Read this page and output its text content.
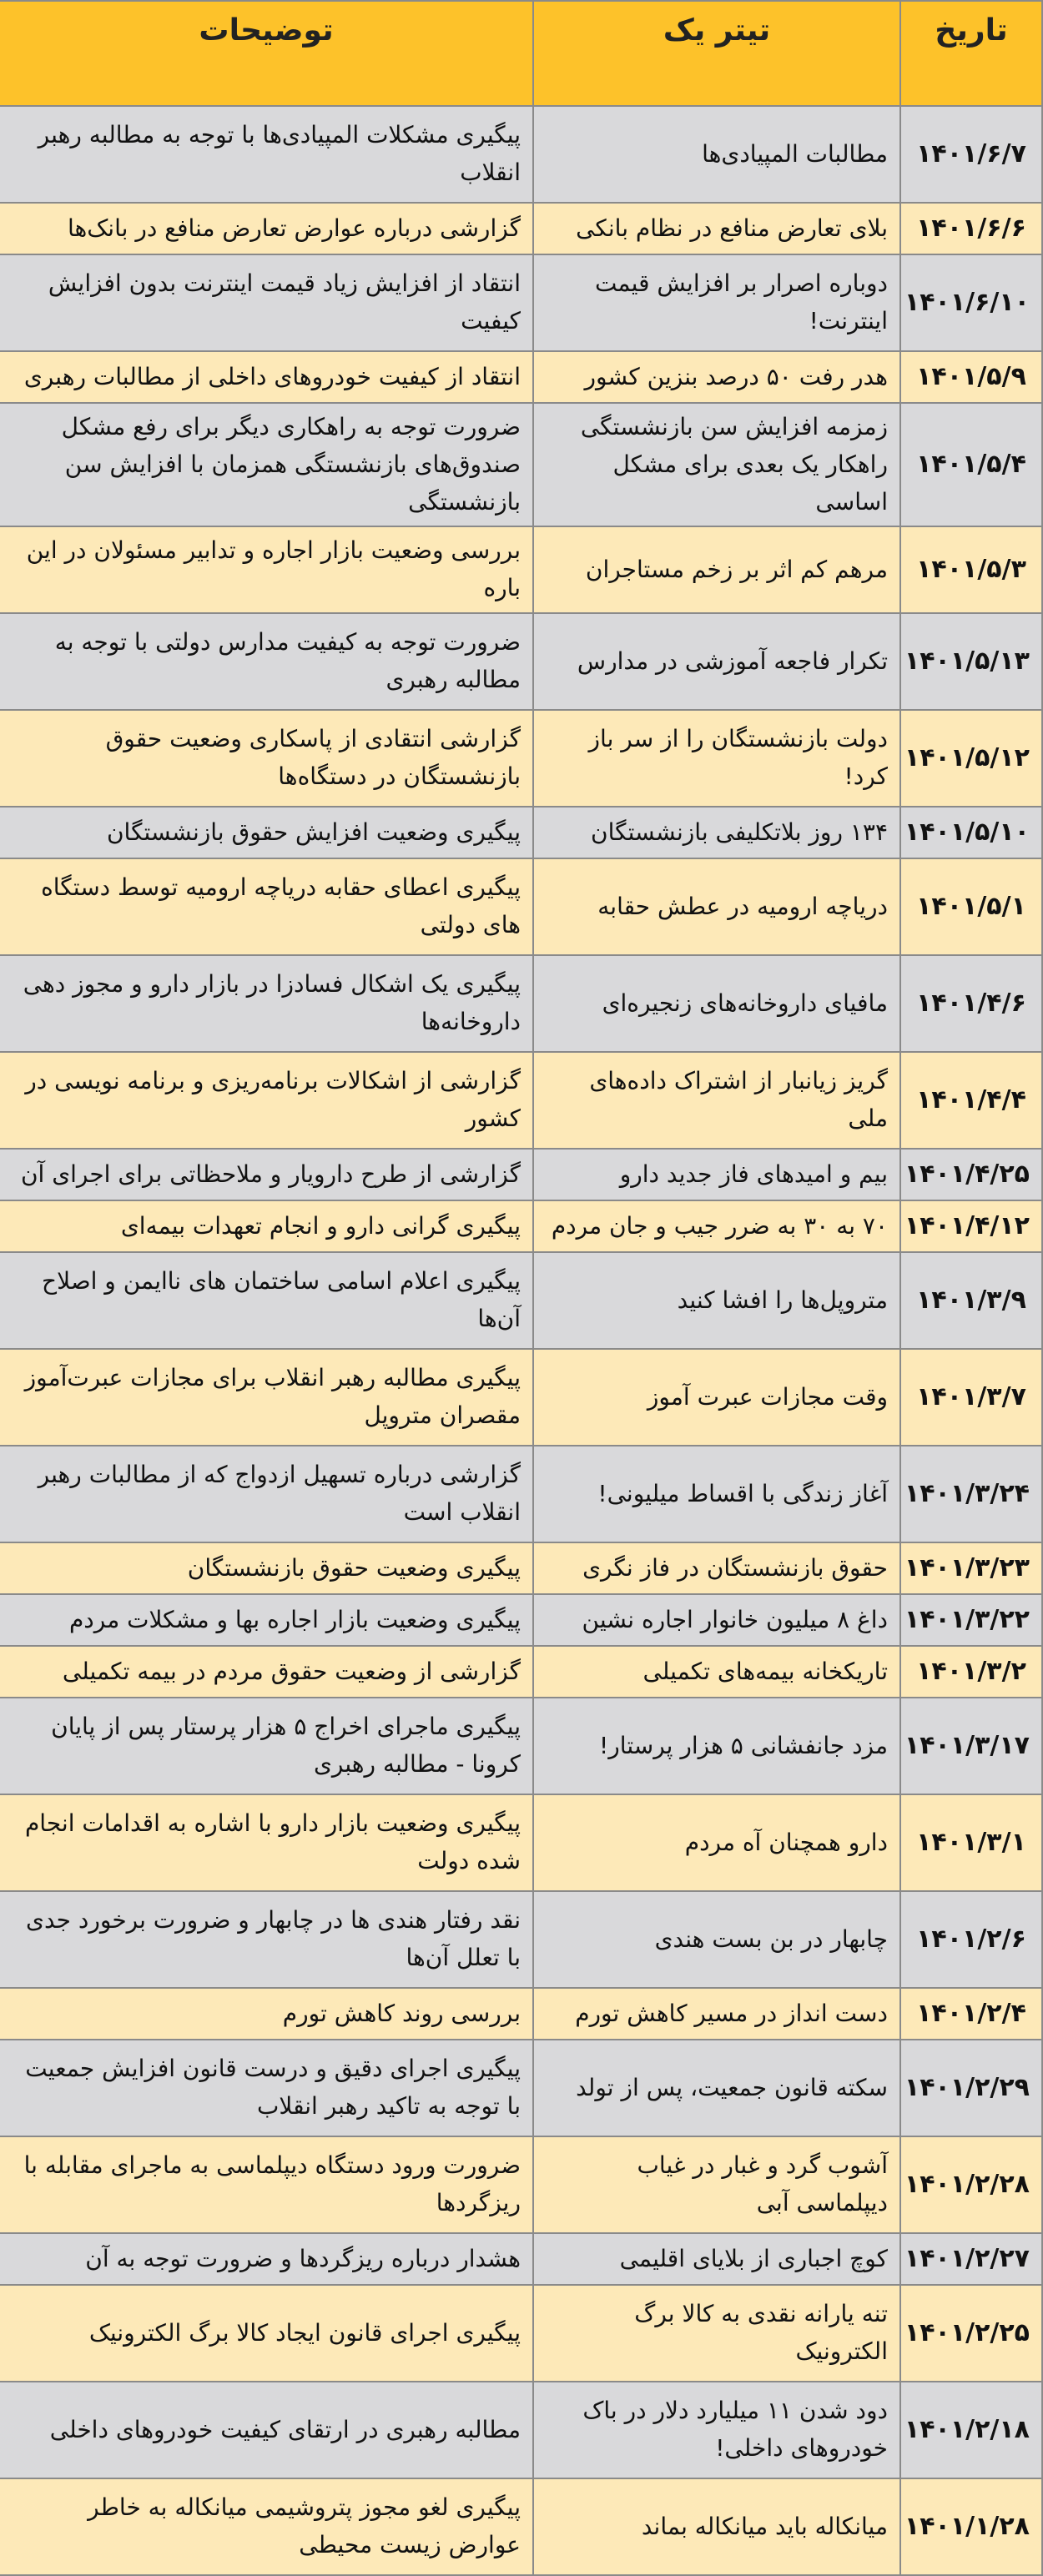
تاریخ	تیتر یک	توضیحات
۱۴۰۱/۶/۷	مطالبات المپیادی‌ها	پیگیری مشکلات المپیادی‌ها با توجه به مطالبه رهبر انقلاب
۱۴۰۱/۶/۶	بلای تعارض منافع در نظام بانکی	گزارشی درباره عوارض تعارض منافع در بانک‌ها
۱۴۰۱/۶/۱۰	دوباره اصرار بر افزایش قیمت اینترنت!	انتقاد از افزایش زیاد قیمت اینترنت بدون افزایش کیفیت
۱۴۰۱/۵/۹	هدر رفت ۵۰ درصد بنزین کشور	انتقاد از کیفیت خودروهای داخلی از مطالبات رهبری
۱۴۰۱/۵/۴	زمزمه افزایش سن بازنشستگی راهکار یک بعدی برای مشکل اساسی	ضرورت توجه به راهکاری دیگر برای رفع مشکل صندوق‌های بازنشستگی همزمان با افزایش سن بازنشستگی
۱۴۰۱/۵/۳	مرهم کم اثر بر زخم مستاجران	بررسی وضعیت بازار اجاره و تدابیر مسئولان در این باره
۱۴۰۱/۵/۱۳	تکرار فاجعه آموزشی در مدارس	ضرورت توجه به کیفیت مدارس دولتی با توجه به مطالبه رهبری
۱۴۰۱/۵/۱۲	دولت بازنشستگان را از سر باز کرد!	گزارشی انتقادی از پاسکاری وضعیت حقوق بازنشستگان در دستگاه‌ها
۱۴۰۱/۵/۱۰	۱۳۴ روز بلاتکلیفی بازنشستگان	پیگیری وضعیت افزایش حقوق بازنشستگان
۱۴۰۱/۵/۱	دریاچه ارومیه در عطش حقابه	پیگیری اعطای حقابه دریاچه ارومیه توسط دستگاه های دولتی
۱۴۰۱/۴/۶	مافیای داروخانه‌های زنجیره‌ای	پیگیری یک اشکال فسادزا در بازار دارو و مجوز دهی داروخانه‌ها
۱۴۰۱/۴/۴	گریز زیانبار از اشتراک داده‌های ملی	گزارشی از اشکالات برنامه‌ریزی و برنامه نویسی در کشور
۱۴۰۱/۴/۲۵	بیم و امیدهای فاز جدید دارو	گزارشی از طرح دارویار و ملاحظاتی برای اجرای آن
۱۴۰۱/۴/۱۲	۷۰ به ۳۰ به ضرر جیب و جان مردم	پیگیری گرانی دارو و انجام تعهدات بیمه‌ای
۱۴۰۱/۳/۹	متروپل‌ها را افشا کنید	پیگیری اعلام اسامی ساختمان های ناایمن و اصلاح آن‌ها
۱۴۰۱/۳/۷	وقت مجازات عبرت آموز	پیگیری مطالبه رهبر انقلاب برای مجازات عبرت‌آموز مقصران متروپل
۱۴۰۱/۳/۲۴	آغاز زندگی با اقساط میلیونی!	گزارشی درباره تسهیل ازدواج که از مطالبات رهبر انقلاب است
۱۴۰۱/۳/۲۳	حقوق بازنشستگان در فاز نگری	پیگیری وضعیت حقوق بازنشستگان
۱۴۰۱/۳/۲۲	داغ ۸ میلیون خانوار اجاره نشین	پیگیری وضعیت بازار اجاره بها و مشکلات مردم
۱۴۰۱/۳/۲	تاریکخانه بیمه‌های تکمیلی	گزارشی از وضعیت حقوق مردم در بیمه تکمیلی
۱۴۰۱/۳/۱۷	مزد جانفشانی ۵ هزار پرستار!	پیگیری ماجرای اخراج ۵ هزار پرستار پس از پایان کرونا - مطالبه رهبری
۱۴۰۱/۳/۱	دارو همچنان آه مردم	پیگیری وضعیت بازار دارو با اشاره به اقدامات انجام شده دولت
۱۴۰۱/۲/۶	چابهار در بن بست هندی	نقد رفتار هندی ها در چابهار و ضرورت برخورد جدی با تعلل آن‌ها
۱۴۰۱/۲/۴	دست انداز در مسیر کاهش تورم	بررسی روند کاهش تورم
۱۴۰۱/۲/۲۹	سکته قانون جمعیت، پس از تولد	پیگیری اجرای دقیق و درست قانون افزایش جمعیت با توجه به تاکید رهبر انقلاب
۱۴۰۱/۲/۲۸	آشوب گرد و غبار در غیاب دیپلماسی آبی	ضرورت ورود دستگاه دیپلماسی به ماجرای مقابله با ریزگردها
۱۴۰۱/۲/۲۷	کوچ اجباری از بلایای اقلیمی	هشدار درباره ریزگردها و ضرورت توجه به آن
۱۴۰۱/۲/۲۵	تنه یارانه نقدی به کالا برگ الکترونیک	پیگیری اجرای قانون ایجاد کالا برگ الکترونیک
۱۴۰۱/۲/۱۸	دود شدن ۱۱ میلیارد دلار در باک خودروهای داخلی!	مطالبه رهبری در ارتقای کیفیت خودروهای داخلی
۱۴۰۱/۱/۲۸	میانکاله باید میانکاله بماند	پیگیری لغو مجوز پتروشیمی میانکاله به خاطر عوارض زیست محیطی
